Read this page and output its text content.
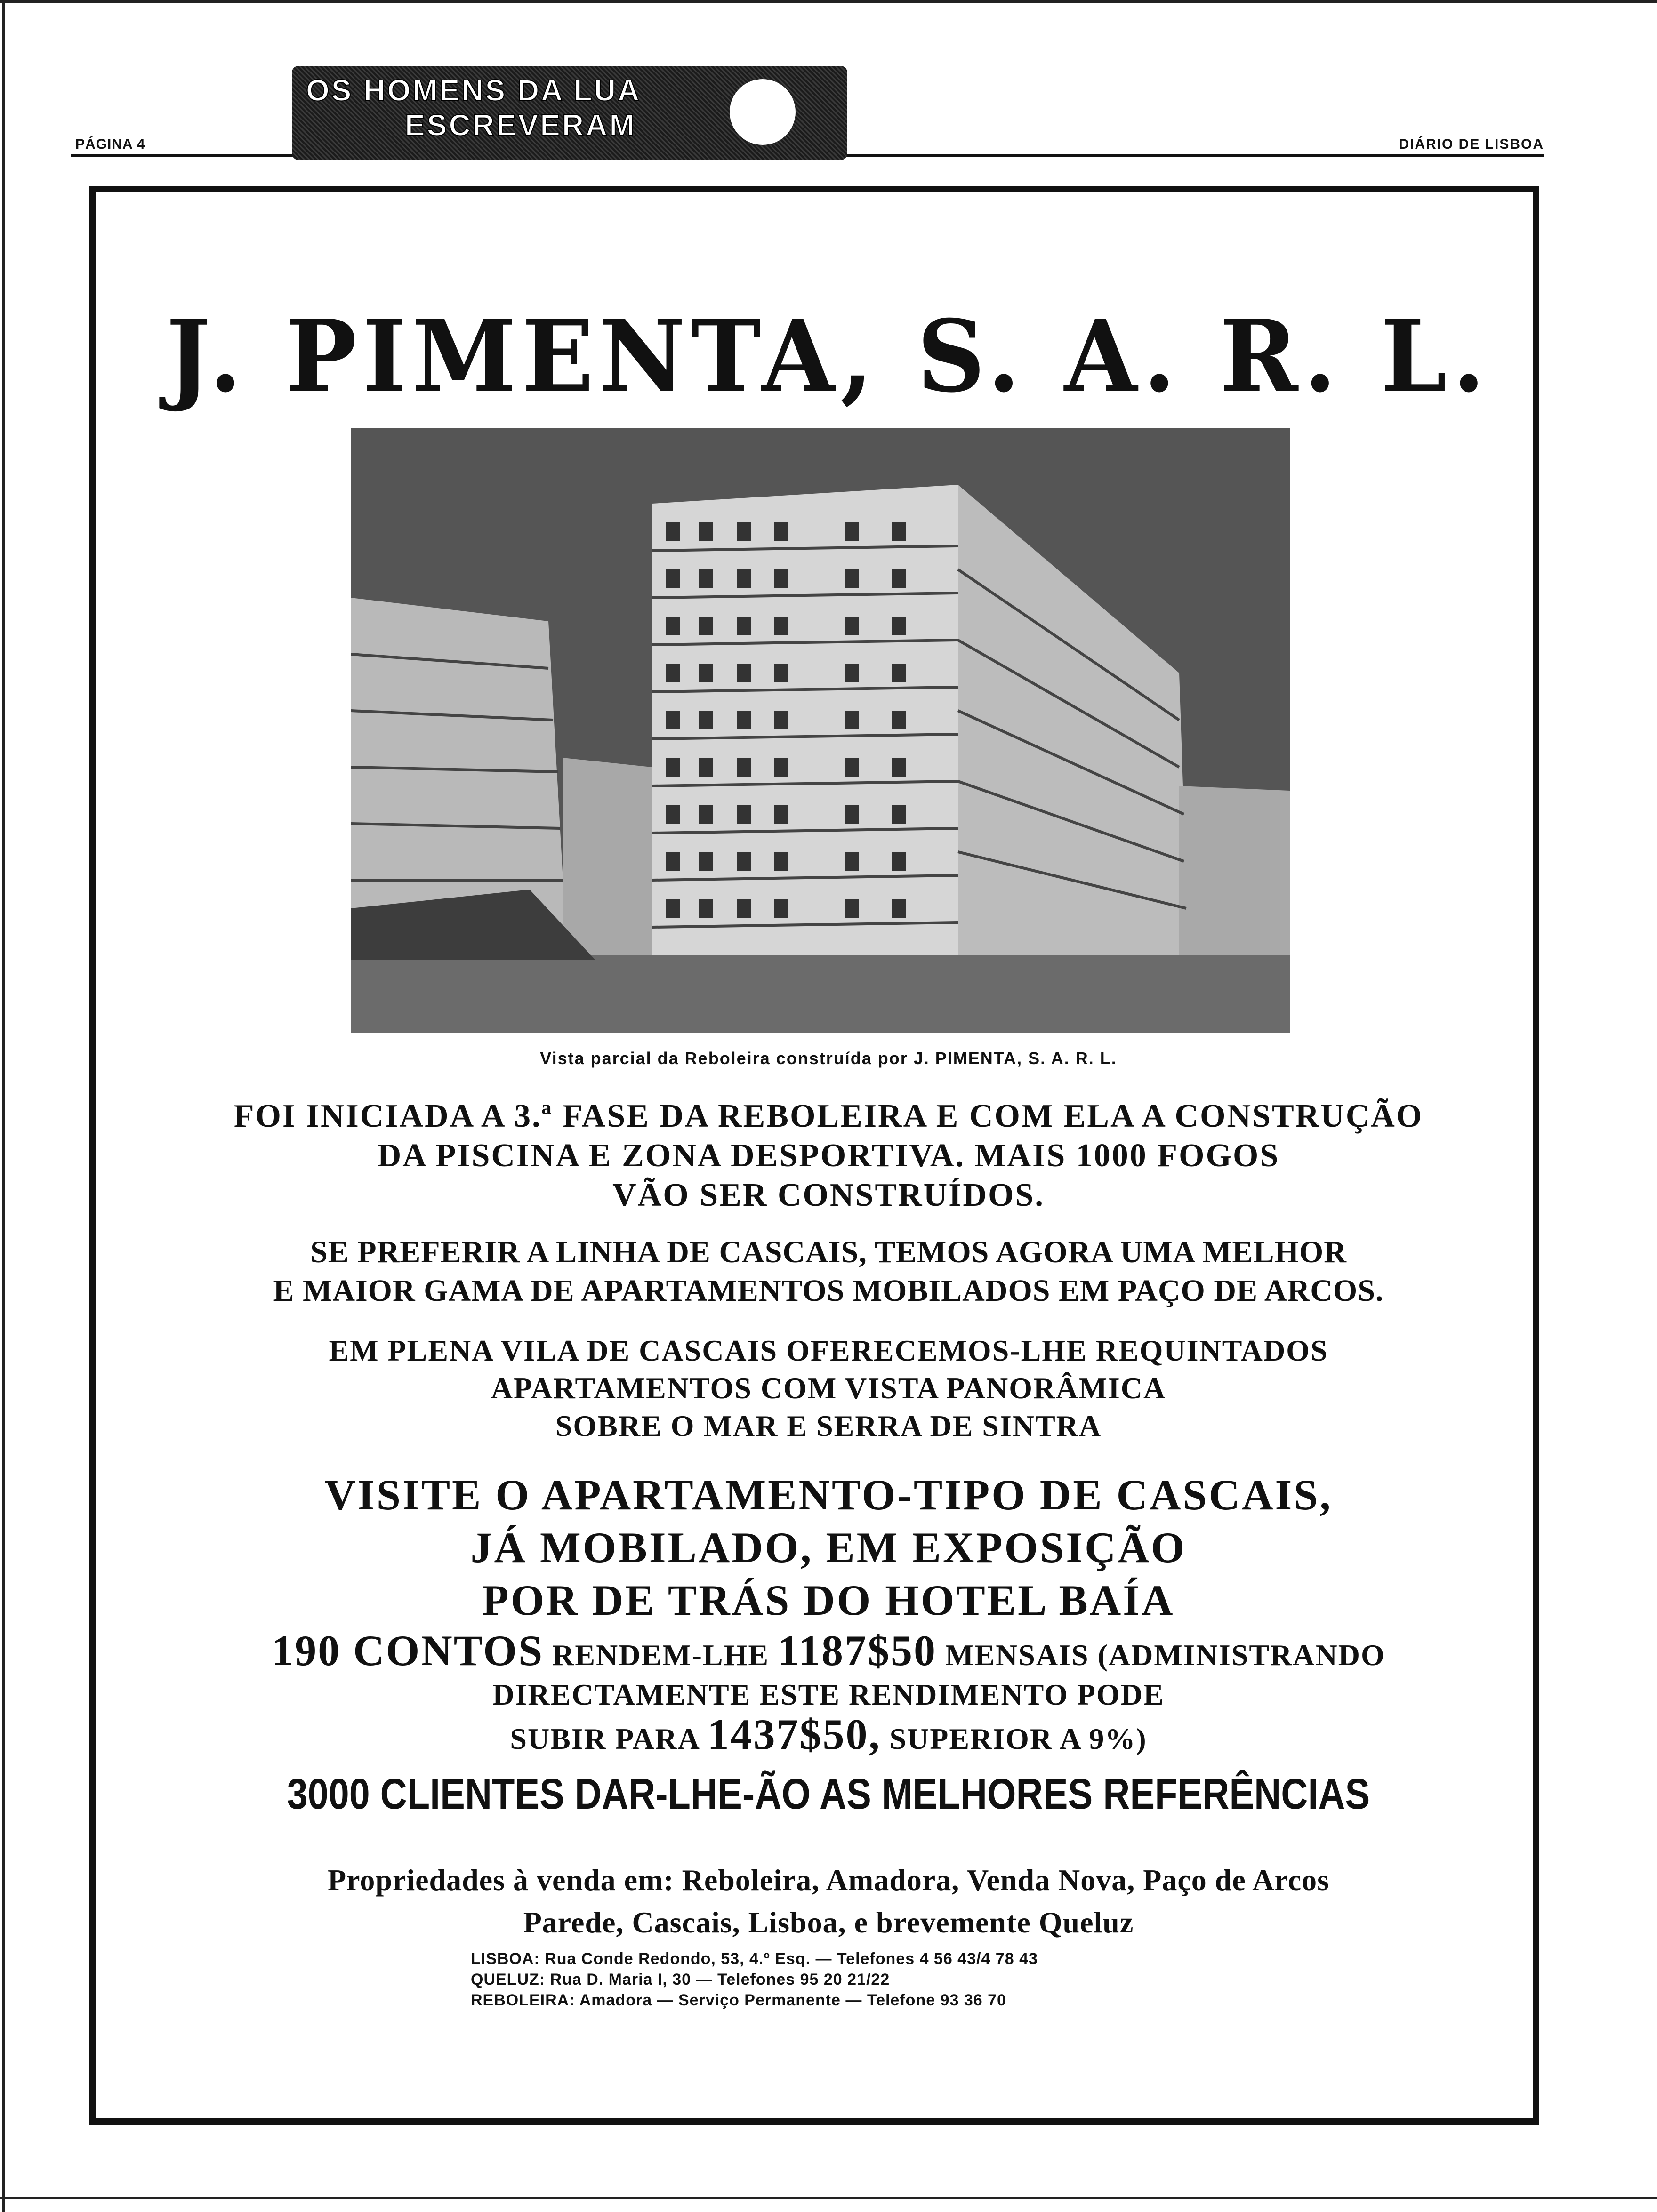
PÁGINA 4	DIÁRIO DE LISBOA
OS HOMENS DA LUA
ESCREVERAM
J. PIMENTA, S. A. R. L.
Vista parcial da Reboleira construída por J. PIMENTA, S. A. R. L.
FOI INICIADA A 3.ª FASE DA REBOLEIRA E COM ELA A CONSTRUÇÃO
DA PISCINA E ZONA DESPORTIVA. MAIS 1000 FOGOS
VÃO SER CONSTRUÍDOS.
SE PREFERIR A LINHA DE CASCAIS, TEMOS AGORA UMA MELHOR
E MAIOR GAMA DE APARTAMENTOS MOBILADOS EM PAÇO DE ARCOS.
EM PLENA VILA DE CASCAIS OFERECEMOS-LHE REQUINTADOS
APARTAMENTOS COM VISTA PANORÂMICA
SOBRE O MAR E SERRA DE SINTRA
VISITE O APARTAMENTO-TIPO DE CASCAIS,
JÁ MOBILADO, EM EXPOSIÇÃO
POR DE TRÁS DO HOTEL BAÍA
190 CONTOS RENDEM-LHE 1187$50 MENSAIS (ADMINISTRANDO
DIRECTAMENTE ESTE RENDIMENTO PODE
SUBIR PARA 1437$50, SUPERIOR A 9%)
3000 CLIENTES DAR-LHE-ÃO AS MELHORES REFERÊNCIAS
Propriedades à venda em: Reboleira, Amadora, Venda Nova, Paço de Arcos
Parede, Cascais, Lisboa, e brevemente Queluz
LISBOA: Rua Conde Redondo, 53, 4.º Esq. — Telefones 4 56 43/4 78 43
QUELUZ: Rua D. Maria I, 30 — Telefones 95 20 21/22
REBOLEIRA: Amadora — Serviço Permanente — Telefone 93 36 70
